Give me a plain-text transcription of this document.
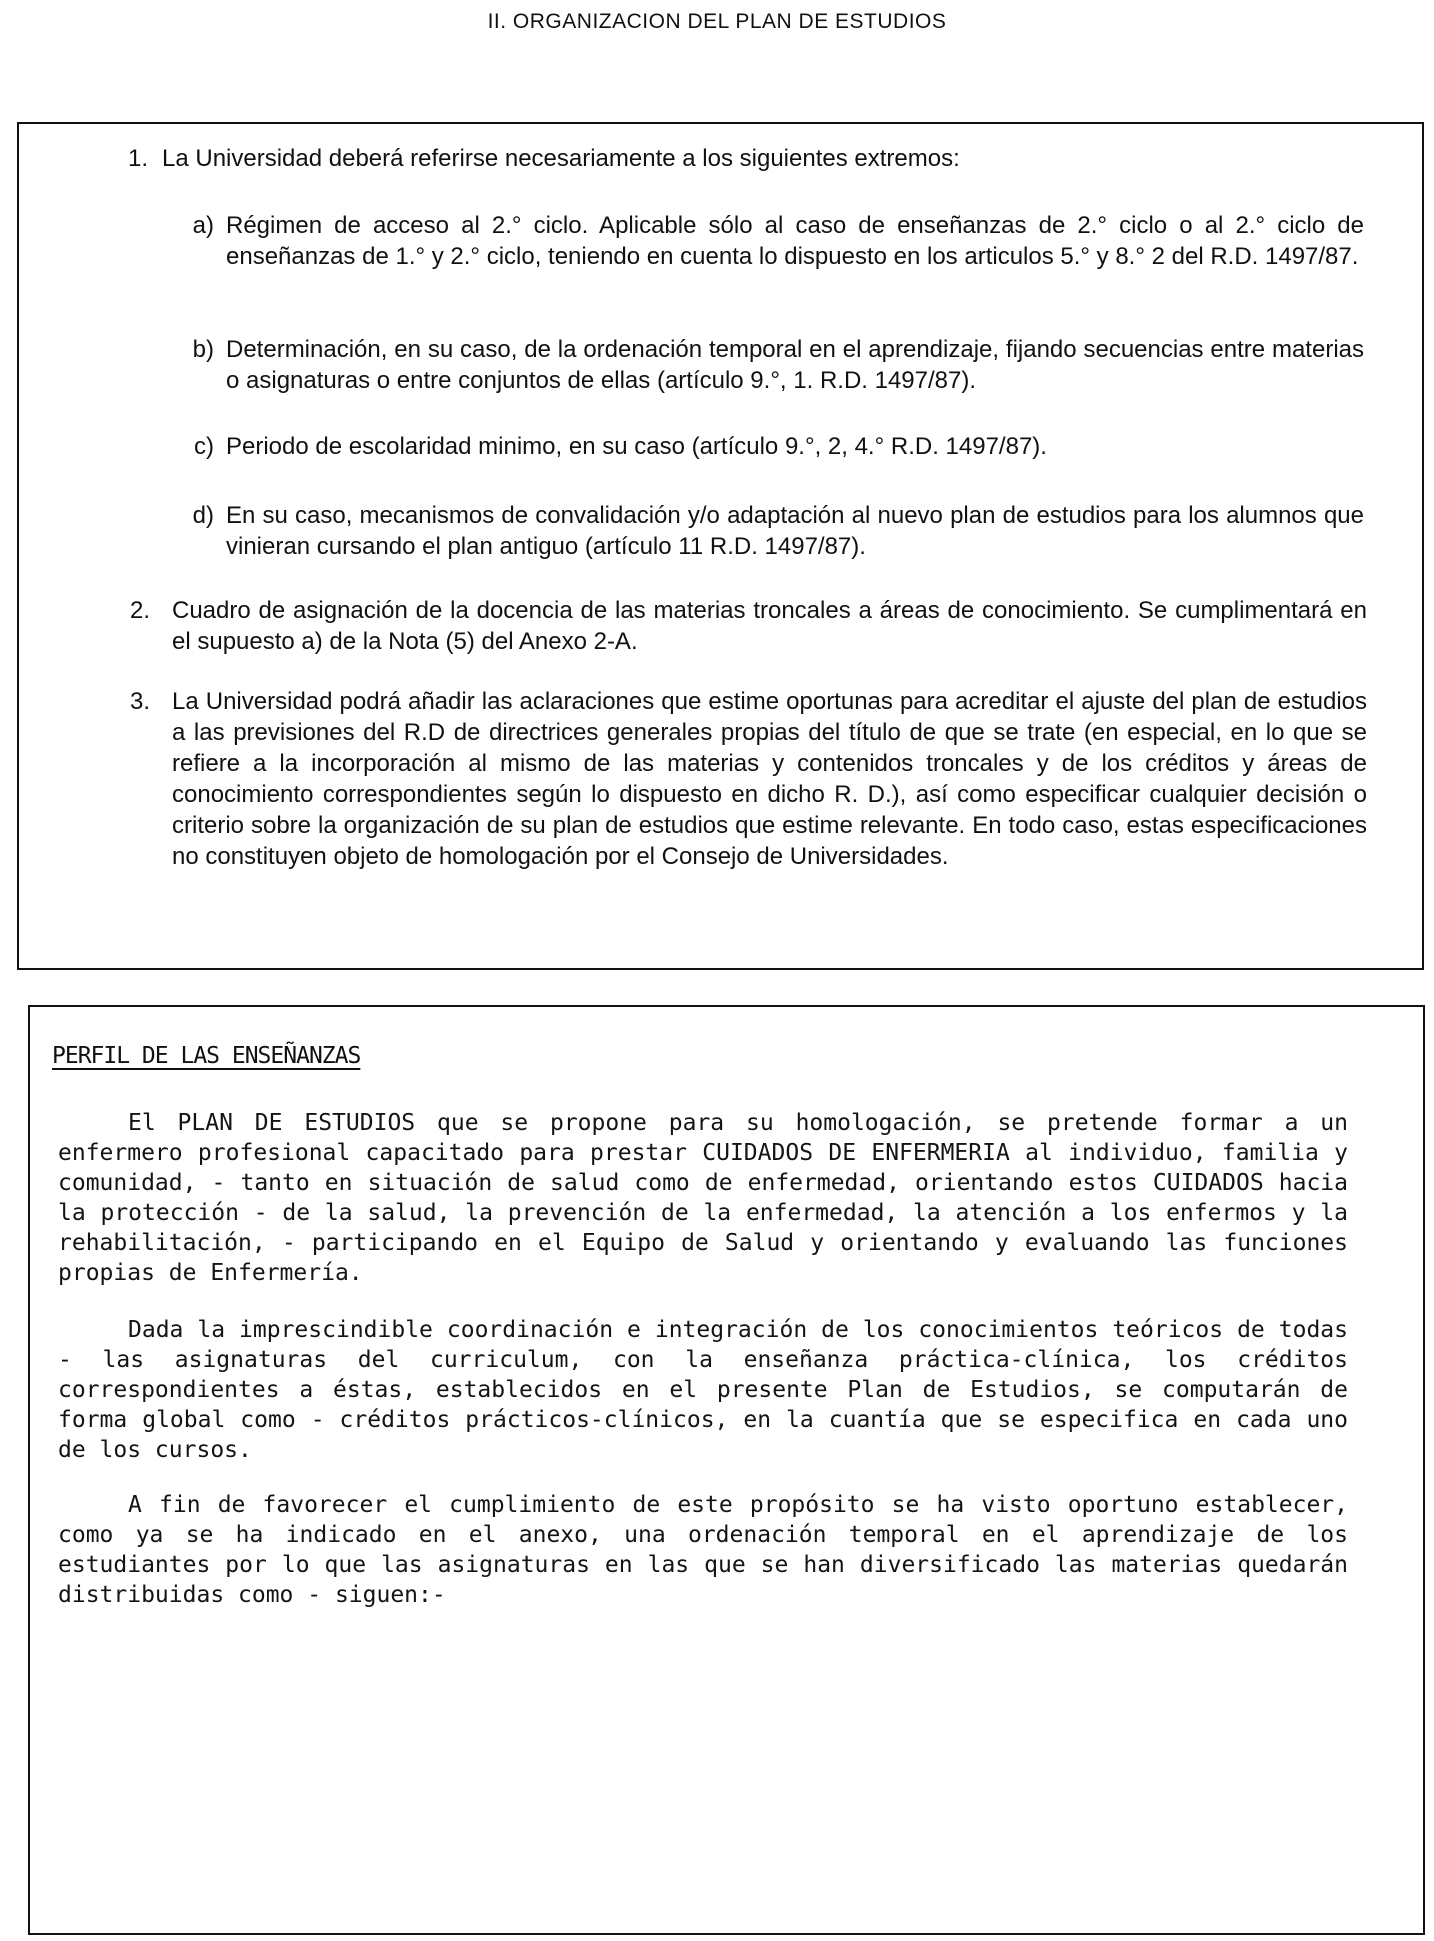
II. ORGANIZACION DEL PLAN DE ESTUDIOS
1. La Universidad deberá referirse necesariamente a los siguientes extremos:
a) Régimen de acceso al 2.° ciclo. Aplicable sólo al caso de enseñanzas de 2.° ciclo o al 2.° ciclo de enseñanzas de 1.° y 2.° ciclo, teniendo en cuenta lo dispuesto en los articulos 5.° y 8.° 2 del R.D. 1497/87.
b) Determinación, en su caso, de la ordenación temporal en el aprendizaje, fijando secuencias entre materias o asignaturas o entre conjuntos de ellas (artículo 9.°, 1. R.D. 1497/87).
c) Periodo de escolaridad minimo, en su caso (artículo 9.°, 2, 4.° R.D. 1497/87).
d) En su caso, mecanismos de convalidación y/o adaptación al nuevo plan de estudios para los alumnos que vinieran cursando el plan antiguo (artículo 11 R.D. 1497/87).
2. Cuadro de asignación de la docencia de las materias troncales a áreas de conocimiento. Se cumplimentará en el supuesto a) de la Nota (5) del Anexo 2-A.
3. La Universidad podrá añadir las aclaraciones que estime oportunas para acreditar el ajuste del plan de estudios a las previsiones del R.D de directrices generales propias del título de que se trate (en especial, en lo que se refiere a la incorporación al mismo de las materias y contenidos troncales y de los créditos y áreas de conocimiento correspondientes según lo dispuesto en dicho R. D.), así como especificar cualquier decisión o criterio sobre la organización de su plan de estudios que estime relevante. En todo caso, estas especificaciones no constituyen objeto de homologación por el Consejo de Universidades.
PERFIL DE LAS ENSEÑANZAS
El PLAN DE ESTUDIOS que se propone para su homologación, se pretende formar a un enfermero profesional capacitado para prestar CUIDADOS DE ENFERMERIA al individuo, familia y comunidad, - tanto en situación de salud como de enfermedad, orientando estos CUIDADOS hacia la protección - de la salud, la prevención de la enfermedad, la atención a los enfermos y la rehabilitación, - participando en el Equipo de Salud y orientando y evaluando las funciones propias de Enfermería.
Dada la imprescindible coordinación e integración de los conocimientos teóricos de todas - las asignaturas del curriculum, con la enseñanza práctica-clínica, los créditos correspondientes a éstas, establecidos en el presente Plan de Estudios, se computarán de forma global como - créditos prácticos-clínicos, en la cuantía que se especifica en cada uno de los cursos.
A fin de favorecer el cumplimiento de este propósito se ha visto oportuno establecer, como ya se ha indicado en el anexo, una ordenación temporal en el aprendizaje de los estudiantes por lo que las asignaturas en las que se han diversificado las materias quedarán distribuidas como - siguen:-
